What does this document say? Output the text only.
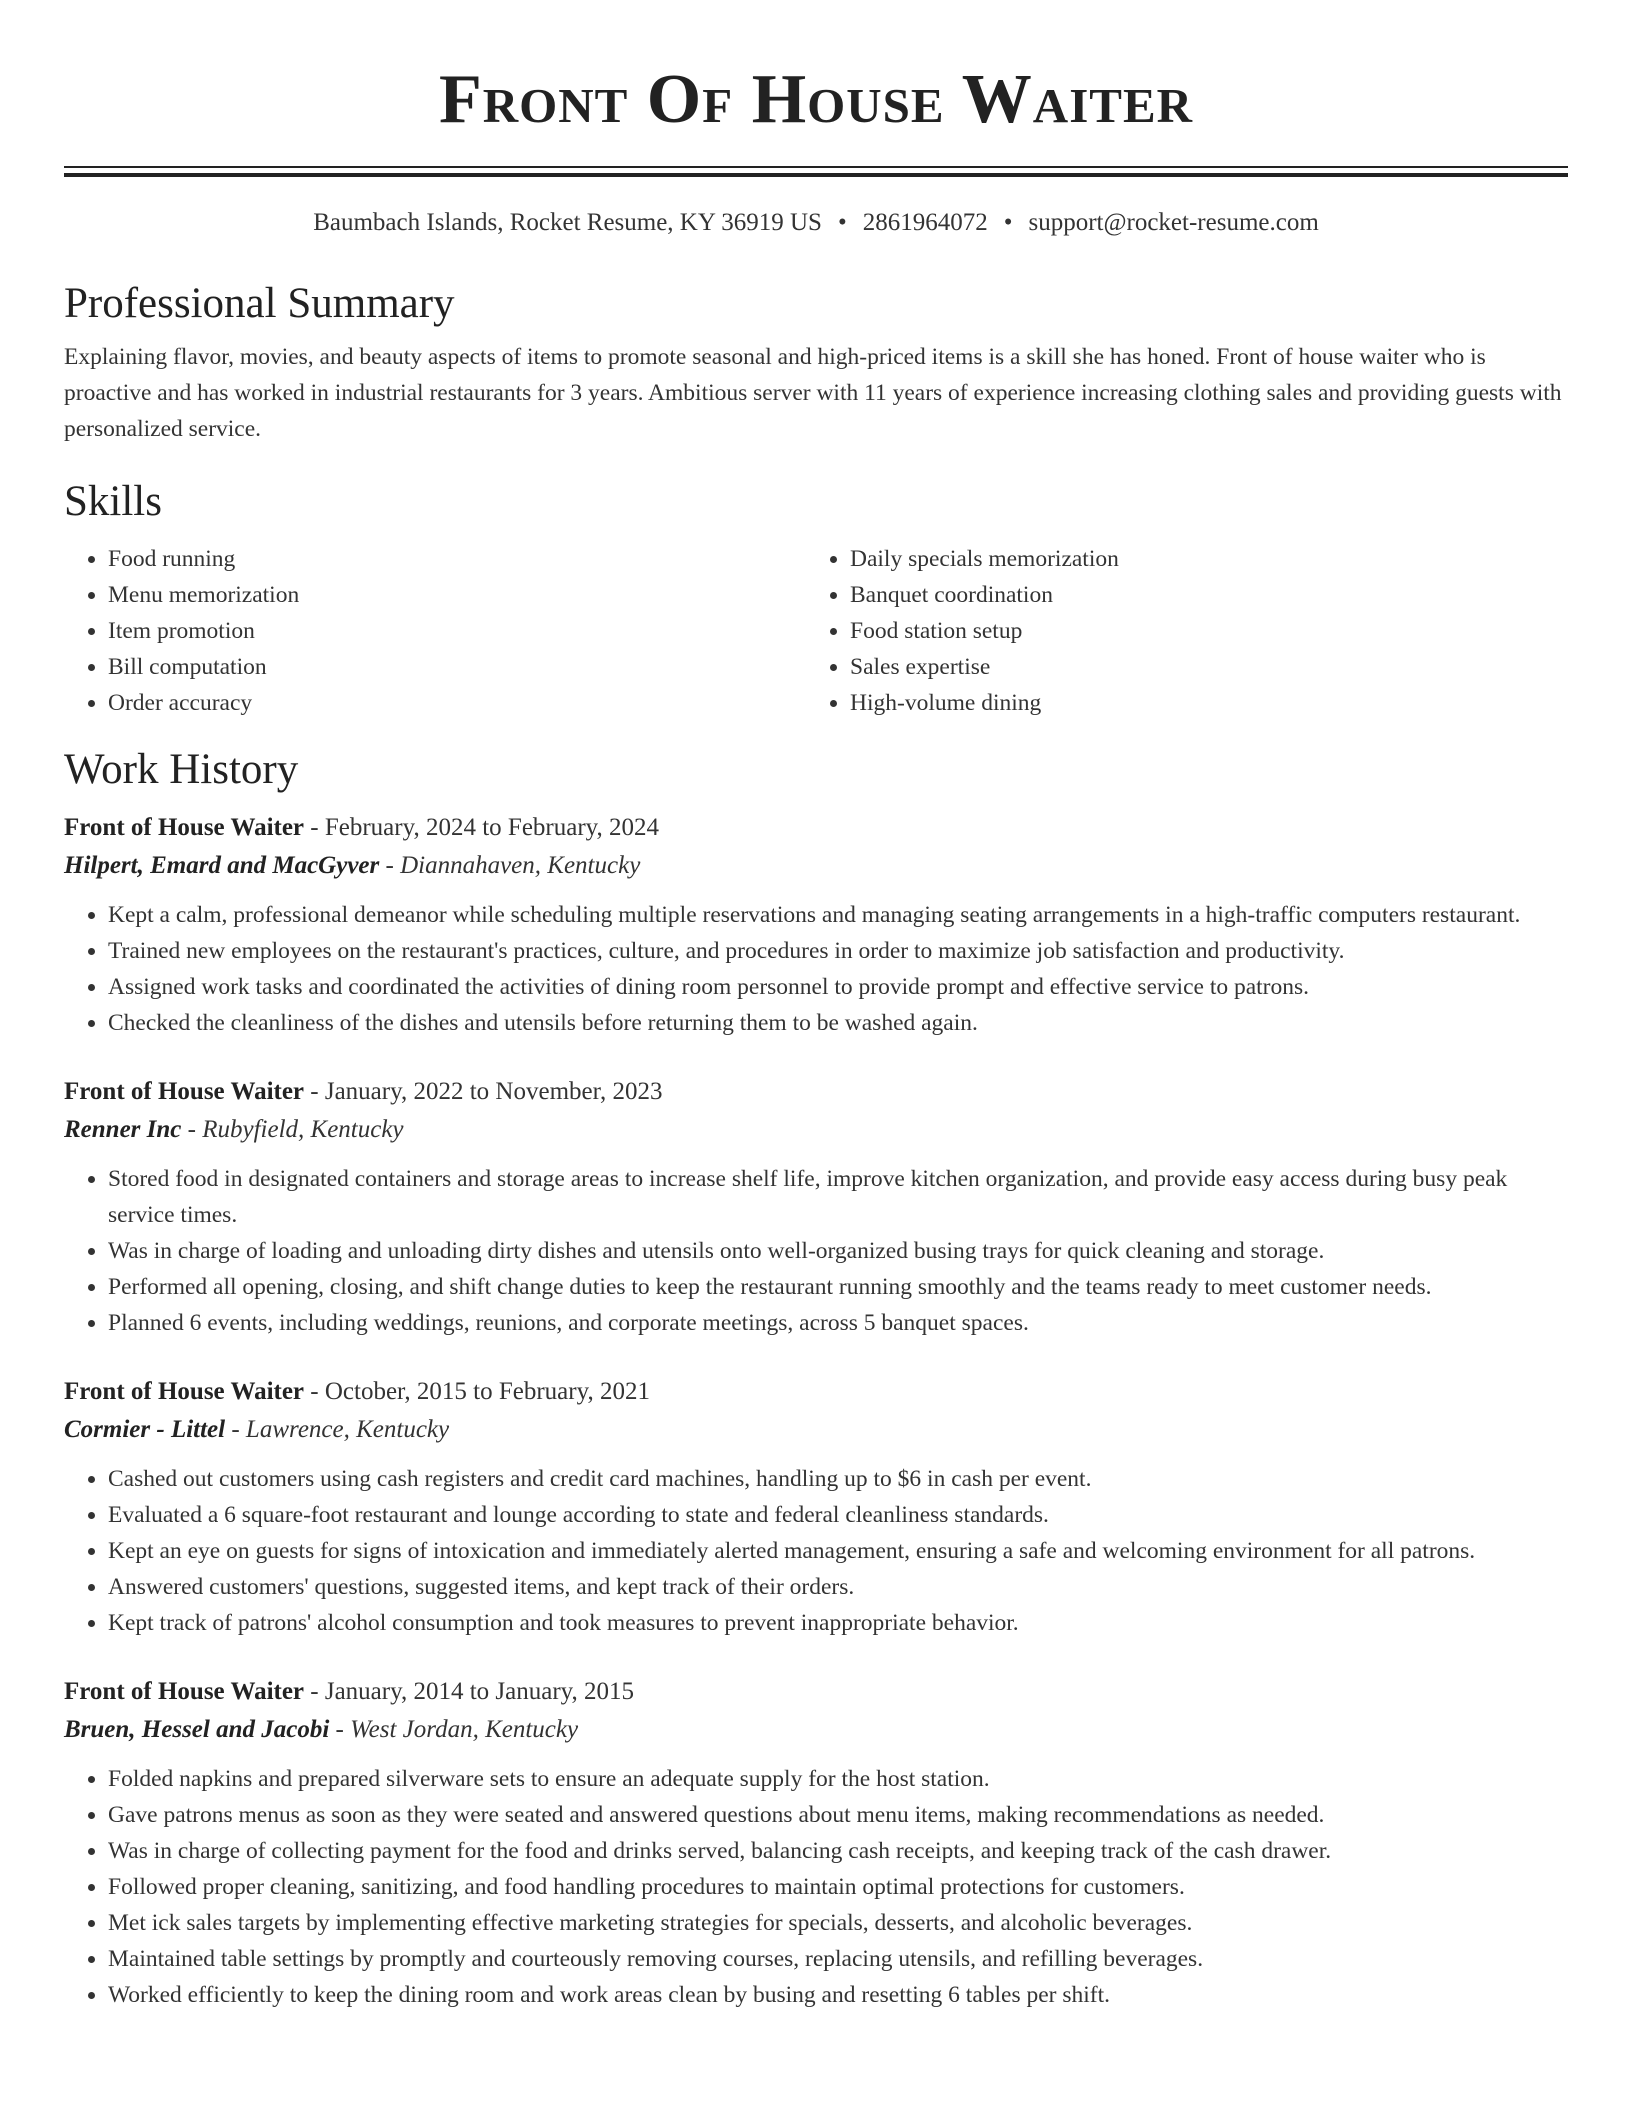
Front Of House Waiter
Baumbach Islands, Rocket Resume, KY 36919 US • 2861964072 • support@rocket-resume.com
Professional Summary
Explaining flavor, movies, and beauty aspects of items to promote seasonal and high-priced items is a skill she has honed. Front of house waiter who is proactive and has worked in industrial restaurants for 3 years. Ambitious server with 11 years of experience increasing clothing sales and providing guests with personalized service.
Skills
• Food running
• Menu memorization
• Item promotion
• Bill computation
• Order accuracy
• Daily specials memorization
• Banquet coordination
• Food station setup
• Sales expertise
• High-volume dining
Work History
Front of House Waiter - February, 2024 to February, 2024
Hilpert, Emard and MacGyver - Diannahaven, Kentucky
• Kept a calm, professional demeanor while scheduling multiple reservations and managing seating arrangements in a high-traffic computers restaurant.
• Trained new employees on the restaurant's practices, culture, and procedures in order to maximize job satisfaction and productivity.
• Assigned work tasks and coordinated the activities of dining room personnel to provide prompt and effective service to patrons.
• Checked the cleanliness of the dishes and utensils before returning them to be washed again.
Front of House Waiter - January, 2022 to November, 2023
Renner Inc - Rubyfield, Kentucky
• Stored food in designated containers and storage areas to increase shelf life, improve kitchen organization, and provide easy access during busy peak service times.
• Was in charge of loading and unloading dirty dishes and utensils onto well-organized busing trays for quick cleaning and storage.
• Performed all opening, closing, and shift change duties to keep the restaurant running smoothly and the teams ready to meet customer needs.
• Planned 6 events, including weddings, reunions, and corporate meetings, across 5 banquet spaces.
Front of House Waiter - October, 2015 to February, 2021
Cormier - Littel - Lawrence, Kentucky
• Cashed out customers using cash registers and credit card machines, handling up to $6 in cash per event.
• Evaluated a 6 square-foot restaurant and lounge according to state and federal cleanliness standards.
• Kept an eye on guests for signs of intoxication and immediately alerted management, ensuring a safe and welcoming environment for all patrons.
• Answered customers' questions, suggested items, and kept track of their orders.
• Kept track of patrons' alcohol consumption and took measures to prevent inappropriate behavior.
Front of House Waiter - January, 2014 to January, 2015
Bruen, Hessel and Jacobi - West Jordan, Kentucky
• Folded napkins and prepared silverware sets to ensure an adequate supply for the host station.
• Gave patrons menus as soon as they were seated and answered questions about menu items, making recommendations as needed.
• Was in charge of collecting payment for the food and drinks served, balancing cash receipts, and keeping track of the cash drawer.
• Followed proper cleaning, sanitizing, and food handling procedures to maintain optimal protections for customers.
• Met ick sales targets by implementing effective marketing strategies for specials, desserts, and alcoholic beverages.
• Maintained table settings by promptly and courteously removing courses, replacing utensils, and refilling beverages.
• Worked efficiently to keep the dining room and work areas clean by busing and resetting 6 tables per shift.
